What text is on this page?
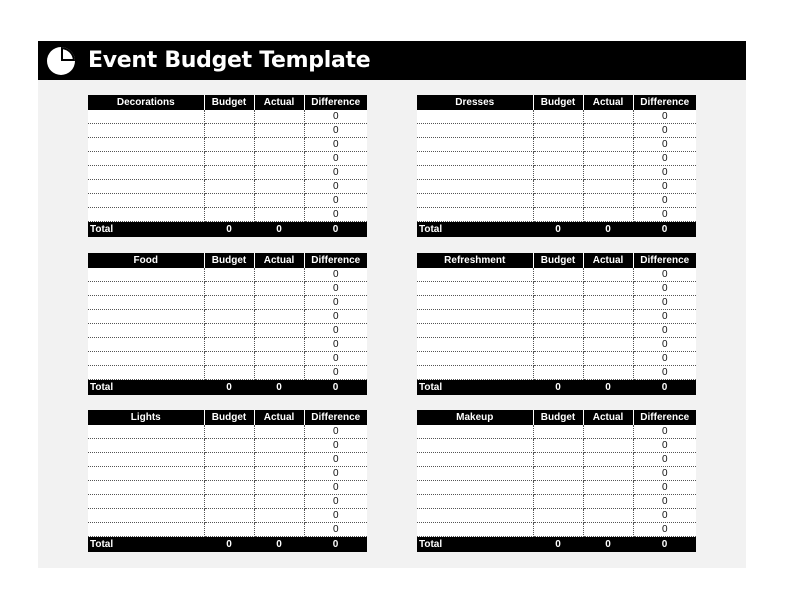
Event Budget Template
Decorations	Budget	Actual	Difference
			0
			0
			0
			0
			0
			0
			0
			0
Total	0	0	0
Dresses	Budget	Actual	Difference
			0
			0
			0
			0
			0
			0
			0
			0
Total	0	0	0
Food	Budget	Actual	Difference
			0
			0
			0
			0
			0
			0
			0
			0
Total	0	0	0
Refreshment	Budget	Actual	Difference
			0
			0
			0
			0
			0
			0
			0
			0
Total	0	0	0
Lights	Budget	Actual	Difference
			0
			0
			0
			0
			0
			0
			0
			0
Total	0	0	0
Makeup	Budget	Actual	Difference
			0
			0
			0
			0
			0
			0
			0
			0
Total	0	0	0
